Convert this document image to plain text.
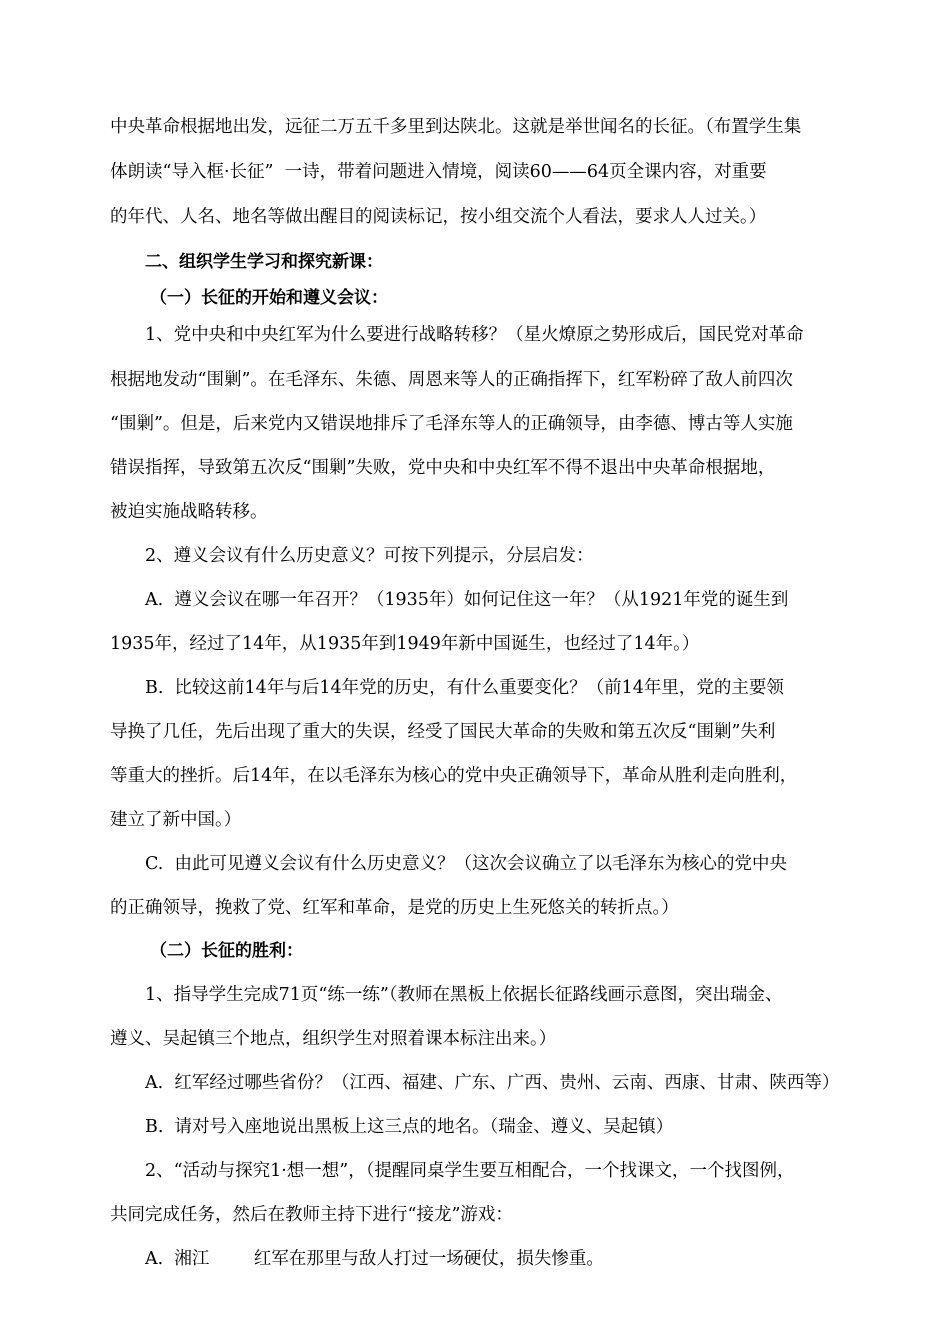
中央革命根据地出发，远征二万五千多里到达陕北。这就是举世闻名的长征。（布置学生集
体朗读“导入框·长征”  一诗，带着问题进入情境，阅读60——64页全课内容，对重要
的年代、人名、地名等做出醒目的阅读标记，按小组交流个人看法，要求人人过关。）
二、组织学生学习和探究新课：
（一）长征的开始和遵义会议：
1、党中央和中央红军为什么要进行战略转移？（星火燎原之势形成后，国民党对革命
根据地发动“围剿”。在毛泽东、朱德、周恩来等人的正确指挥下，红军粉碎了敌人前四次
“围剿”。但是，后来党内又错误地排斥了毛泽东等人的正确领导，由李德、博古等人实施
错误指挥，导致第五次反“围剿”失败，党中央和中央红军不得不退出中央革命根据地，
被迫实施战略转移。
2、遵义会议有什么历史意义？可按下列提示，分层启发：
A.  遵义会议在哪一年召开？（1935年）如何记住这一年？（从1921年党的诞生到
1935年，经过了14年，从1935年到1949年新中国诞生，也经过了14年。）
B.  比较这前14年与后14年党的历史，有什么重要变化？（前14年里，党的主要领
导换了几任，先后出现了重大的失误，经受了国民大革命的失败和第五次反“围剿”失利
等重大的挫折。后14年，在以毛泽东为核心的党中央正确领导下，革命从胜利走向胜利，
建立了新中国。）
C.  由此可见遵义会议有什么历史意义？（这次会议确立了以毛泽东为核心的党中央
的正确领导，挽救了党、红军和革命，是党的历史上生死悠关的转折点。）
（二）长征的胜利：
1、指导学生完成71页“练一练”（教师在黑板上依据长征路线画示意图，突出瑞金、
遵义、吴起镇三个地点，组织学生对照着课本标注出来。）
A.  红军经过哪些省份？（江西、福建、广东、广西、贵州、云南、西康、甘肃、陕西等）
B.  请对号入座地说出黑板上这三点的地名。（瑞金、遵义、吴起镇）
2、“活动与探究1·想一想”，（提醒同桌学生要互相配合，一个找课文，一个找图例，
共同完成任务，然后在教师主持下进行“接龙”游戏：
A.  湘江        红军在那里与敌人打过一场硬仗，损失惨重。
